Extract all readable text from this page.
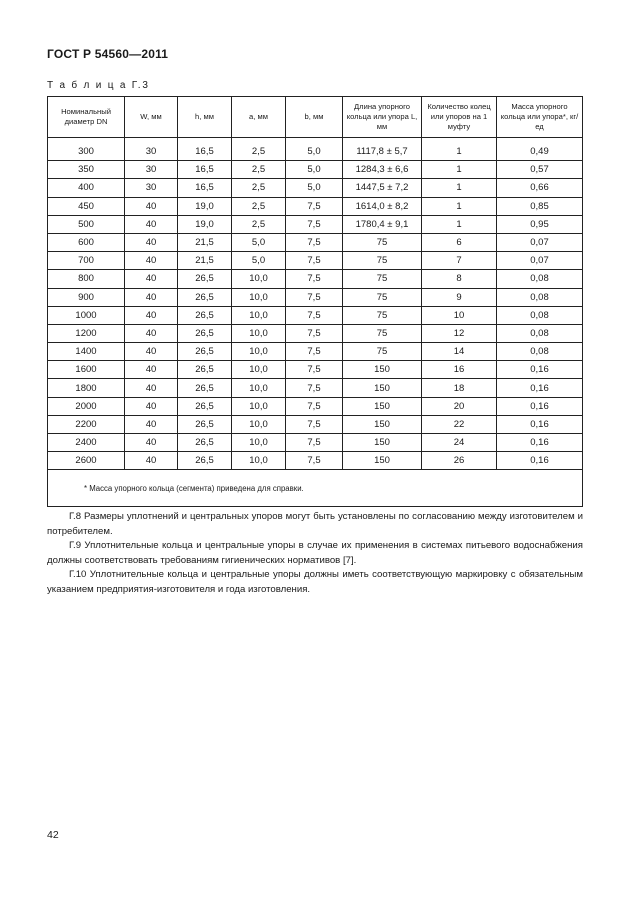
ГОСТ Р 54560—2011
Т а б л и ц а Г.3
Номинальный диаметр DN	W, мм	h, мм	a, мм	b, мм	Длина упорного кольца или упора L, мм	Количество колец или упоров на 1 муфту	Масса упорного кольца или упора*, кг/ед
300	30	16,5	2,5	5,0	1117,8 ± 5,7	1	0,49
350	30	16,5	2,5	5,0	1284,3 ± 6,6	1	0,57
400	30	16,5	2,5	5,0	1447,5 ± 7,2	1	0,66
450	40	19,0	2,5	7,5	1614,0 ± 8,2	1	0,85
500	40	19,0	2,5	7,5	1780,4 ± 9,1	1	0,95
600	40	21,5	5,0	7,5	75	6	0,07
700	40	21,5	5,0	7,5	75	7	0,07
800	40	26,5	10,0	7,5	75	8	0,08
900	40	26,5	10,0	7,5	75	9	0,08
1000	40	26,5	10,0	7,5	75	10	0,08
1200	40	26,5	10,0	7,5	75	12	0,08
1400	40	26,5	10,0	7,5	75	14	0,08
1600	40	26,5	10,0	7,5	150	16	0,16
1800	40	26,5	10,0	7,5	150	18	0,16
2000	40	26,5	10,0	7,5	150	20	0,16
2200	40	26,5	10,0	7,5	150	22	0,16
2400	40	26,5	10,0	7,5	150	24	0,16
2600	40	26,5	10,0	7,5	150	26	0,16
* Масса упорного кольца (сегмента) приведена для справки.							

Г.8 Размеры уплотнений и центральных упоров могут быть установлены по согласованию между изготовителем и потребителем.

Г.9 Уплотнительные кольца и центральные упоры в случае их применения в системах питьевого водоснабжения должны соответствовать требованиям гигиенических нормативов [7].

Г.10 Уплотнительные кольца и центральные упоры должны иметь соответствующую маркировку с обязательным указанием предприятия-изготовителя и года изготовления.

42
